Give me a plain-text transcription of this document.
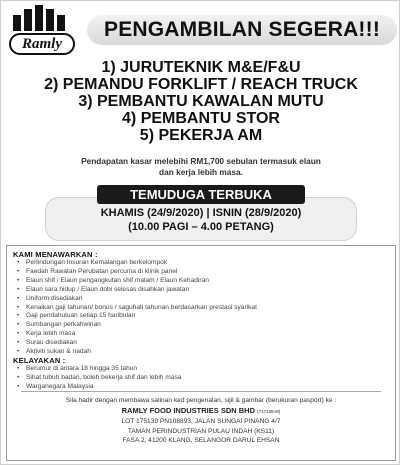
Ramly
PENGAMBILAN SEGERA!!!
1) JURUTEKNIK M&E/F&U
2) PEMANDU FORKLIFT / REACH TRUCK
3) PEMBANTU KAWALAN MUTU
4) PEMBANTU STOR
5) PEKERJA AM
Pendapatan kasar melebihi RM1,700 sebulan termasuk elaun
dan kerja lebih masa.
TEMUDUGA TERBUKA
KHAMIS (24/9/2020) | ISNIN (28/9/2020)
(10.00 PAGI – 4.00 PETANG)
KAMI MENAWARKAN :
• Perlindungan Insuran Kemalangan berkelompok
• Faedah Rawatan Perubatan percuma di klinik panel
• Elaun shif / Elaun pengangkutan shif malam / Elaun Kehadiran
• Elaun sara hidup / Elaun dobi selesas disahkan jawatan
• Uniform disediakan
• Kenaikan gaji tahunan/ bonus / saguhati tahunan berdasarkan prestasi syarikat
• Gaji pendahuluan setiap 15 haribulan
• Sumbangan perkahwinan
• Kerja lebih masa
• Surau disediakan
• Aktiviti sukan & riadah
KELAYAKAN :
• Berumur di antara 18 hingga 35 tahun
• Sihat tubuh badan, boleh bekerja shif dan lebih masa
• Warganegara Malaysia
Sila hadir dengan membawa salinan ked pengenalan, sijil & gambar (berukuran pasport) ke :
RAMLY FOOD INDUSTRIES SDN BHD (717126-M)
LOT 175139 PN108893, JALAN SUNGAI PINANG 4/7
TAMAN PERINDUSTRIAN PULAU INDAH (KS11)
FASA 2, 41200 KLANG, SELANGOR DARUL EHSAN
